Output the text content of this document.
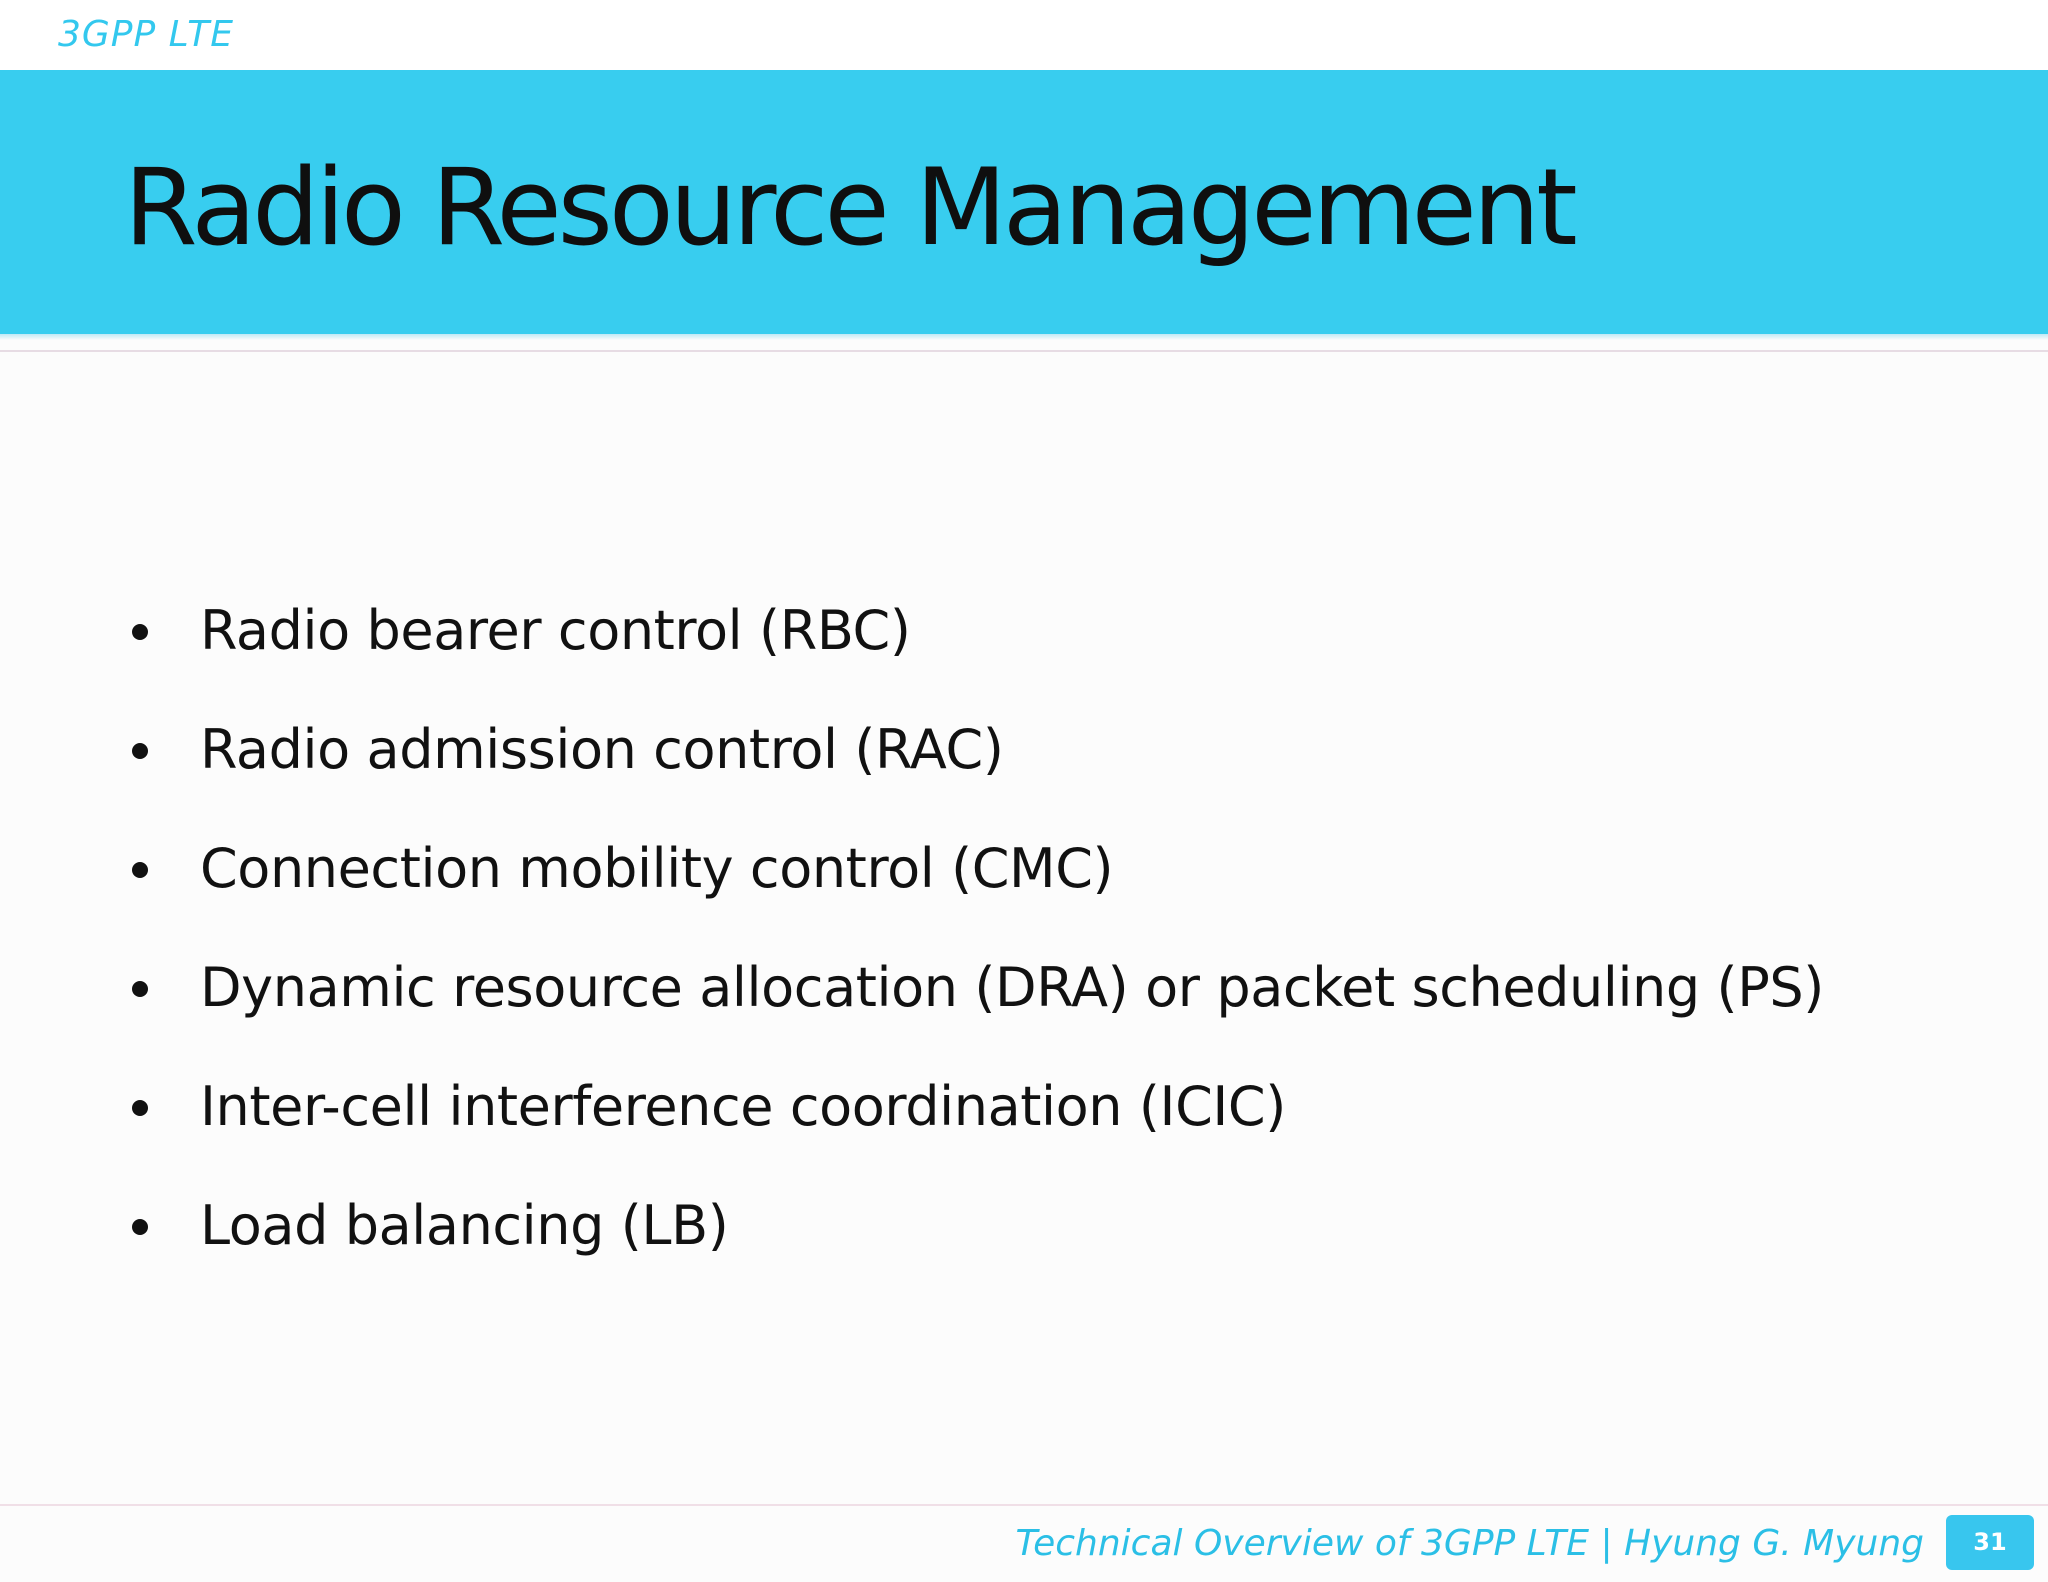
3GPP LTE
Radio Resource Management
Radio bearer control (RBC)
Radio admission control (RAC)
Connection mobility control (CMC)
Dynamic resource allocation (DRA) or packet scheduling (PS)
Inter-cell interference coordination (ICIC)
Load balancing (LB)
Technical Overview of 3GPP LTE | Hyung G. Myung	31
